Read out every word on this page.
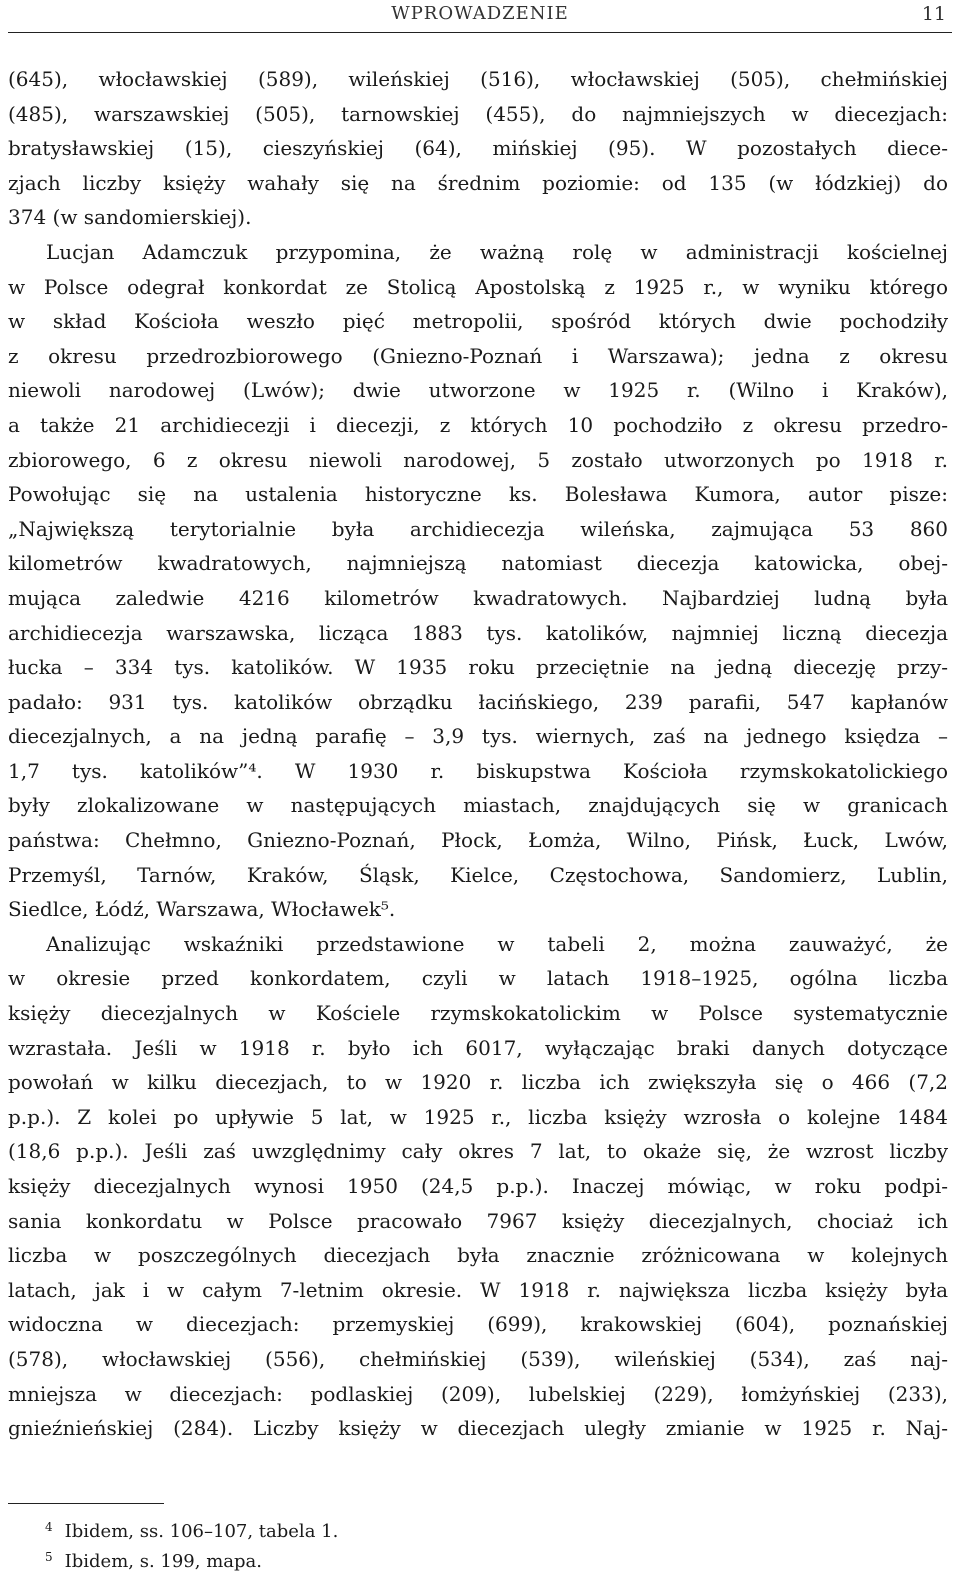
WPROWADZENIE	11
(645), włocławskiej (589), wileńskiej (516), włocławskiej (505), chełmińskiej
(485), warszawskiej (505), tarnowskiej (455), do najmniejszych w diecezjach:
bratysławskiej (15), cieszyńskiej (64), mińskiej (95). W pozostałych diece-
zjach liczby księży wahały się na średnim poziomie: od 135 (w łódzkiej) do
374 (w sandomierskiej).
Lucjan Adamczuk przypomina, że ważną rolę w administracji kościelnej
w Polsce odegrał konkordat ze Stolicą Apostolską z 1925 r., w wyniku którego
w skład Kościoła weszło pięć metropolii, spośród których dwie pochodziły
z okresu przedrozbiorowego (Gniezno-Poznań i Warszawa); jedna z okresu
niewoli narodowej (Lwów); dwie utworzone w 1925 r. (Wilno i Kraków),
a także 21 archidiecezji i diecezji, z których 10 pochodziło z okresu przedro-
zbiorowego, 6 z okresu niewoli narodowej, 5 zostało utworzonych po 1918 r.
Powołując się na ustalenia historyczne ks. Bolesława Kumora, autor pisze:
„Największą terytorialnie była archidiecezja wileńska, zajmująca 53 860
kilometrów kwadratowych, najmniejszą natomiast diecezja katowicka, obej-
mująca zaledwie 4216 kilometrów kwadratowych. Najbardziej ludną była
archidiecezja warszawska, licząca 1883 tys. katolików, najmniej liczną diecezja
łucka – 334 tys. katolików. W 1935 roku przeciętnie na jedną diecezję przy-
padało: 931 tys. katolików obrządku łacińskiego, 239 parafii, 547 kapłanów
diecezjalnych, a na jedną parafię – 3,9 tys. wiernych, zaś na jednego księdza –
1,7 tys. katolików”⁴. W 1930 r. biskupstwa Kościoła rzymskokatolickiego
były zlokalizowane w następujących miastach, znajdujących się w granicach
państwa: Chełmno, Gniezno-Poznań, Płock, Łomża, Wilno, Pińsk, Łuck, Lwów,
Przemyśl, Tarnów, Kraków, Śląsk, Kielce, Częstochowa, Sandomierz, Lublin,
Siedlce, Łódź, Warszawa, Włocławek⁵.
Analizując wskaźniki przedstawione w tabeli 2, można zauważyć, że
w okresie przed konkordatem, czyli w latach 1918–1925, ogólna liczba
księży diecezjalnych w Kościele rzymskokatolickim w Polsce systematycznie
wzrastała. Jeśli w 1918 r. było ich 6017, wyłączając braki danych dotyczące
powołań w kilku diecezjach, to w 1920 r. liczba ich zwiększyła się o 466 (7,2
p.p.). Z kolei po upływie 5 lat, w 1925 r., liczba księży wzrosła o kolejne 1484
(18,6 p.p.). Jeśli zaś uwzględnimy cały okres 7 lat, to okaże się, że wzrost liczby
księży diecezjalnych wynosi 1950 (24,5 p.p.). Inaczej mówiąc, w roku podpi-
sania konkordatu w Polsce pracowało 7967 księży diecezjalnych, chociaż ich
liczba w poszczególnych diecezjach była znacznie zróżnicowana w kolejnych
latach, jak i w całym 7-letnim okresie. W 1918 r. największa liczba księży była
widoczna w diecezjach: przemyskiej (699), krakowskiej (604), poznańskiej
(578), włocławskiej (556), chełmińskiej (539), wileńskiej (534), zaś naj-
mniejsza w diecezjach: podlaskiej (209), lubelskiej (229), łomżyńskiej (233),
gnieźnieńskiej (284). Liczby księży w diecezjach uległy zmianie w 1925 r. Naj-
$^4$ Ibidem, ss. 106–107, tabela 1.
$^5$ Ibidem, s. 199, mapa.
